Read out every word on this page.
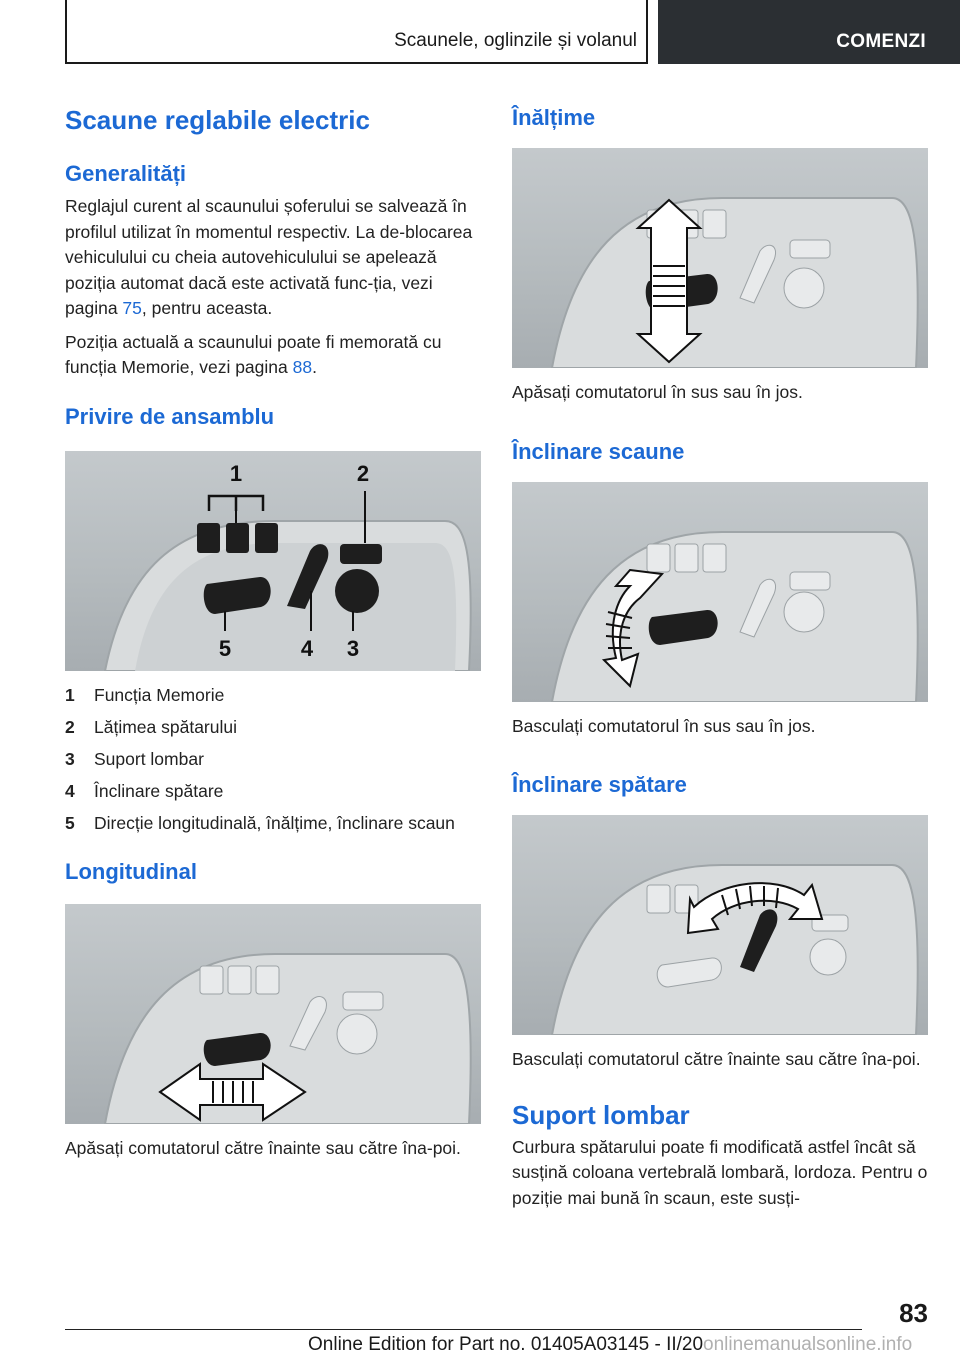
Scaunele, oglinzile și volanul	COMENZI
Scaune reglabile electric
Generalități

Reglajul curent al scaunului șoferului se salvează în profilul utilizat în momentul respectiv. La de‐blocarea vehiculului cu cheia autovehiculului se apelează poziția automat dacă este activată func‐ția, vezi pagina 75, pentru aceasta.

Poziția actuală a scaunului poate fi memorată cu funcția Memorie, vezi pagina 88.

Privire de ansamblu
1	2
5	4 3
1 Funcția Memorie
2 Lățimea spătarului
3 Suport lombar
4 Înclinare spătare
5 Direcție longitudinală, înălțime, înclinare scaun
Longitudinal

Apăsați comutatorul către înainte sau către îna‐poi.

Înălțime

Apăsați comutatorul în sus sau în jos.

Înclinare scaune

Basculați comutatorul în sus sau în jos.

Înclinare spătare

Basculați comutatorul către înainte sau către îna‐poi.

Suport lombar

Curbura spătarului poate fi modificată astfel încât să susțină coloana vertebrală lombară, lordoza. Pentru o poziție mai bună în scaun, este susți‐

83
Online Edition for Part no. 01405A03145 - II/20onlinemanualsonline.info
